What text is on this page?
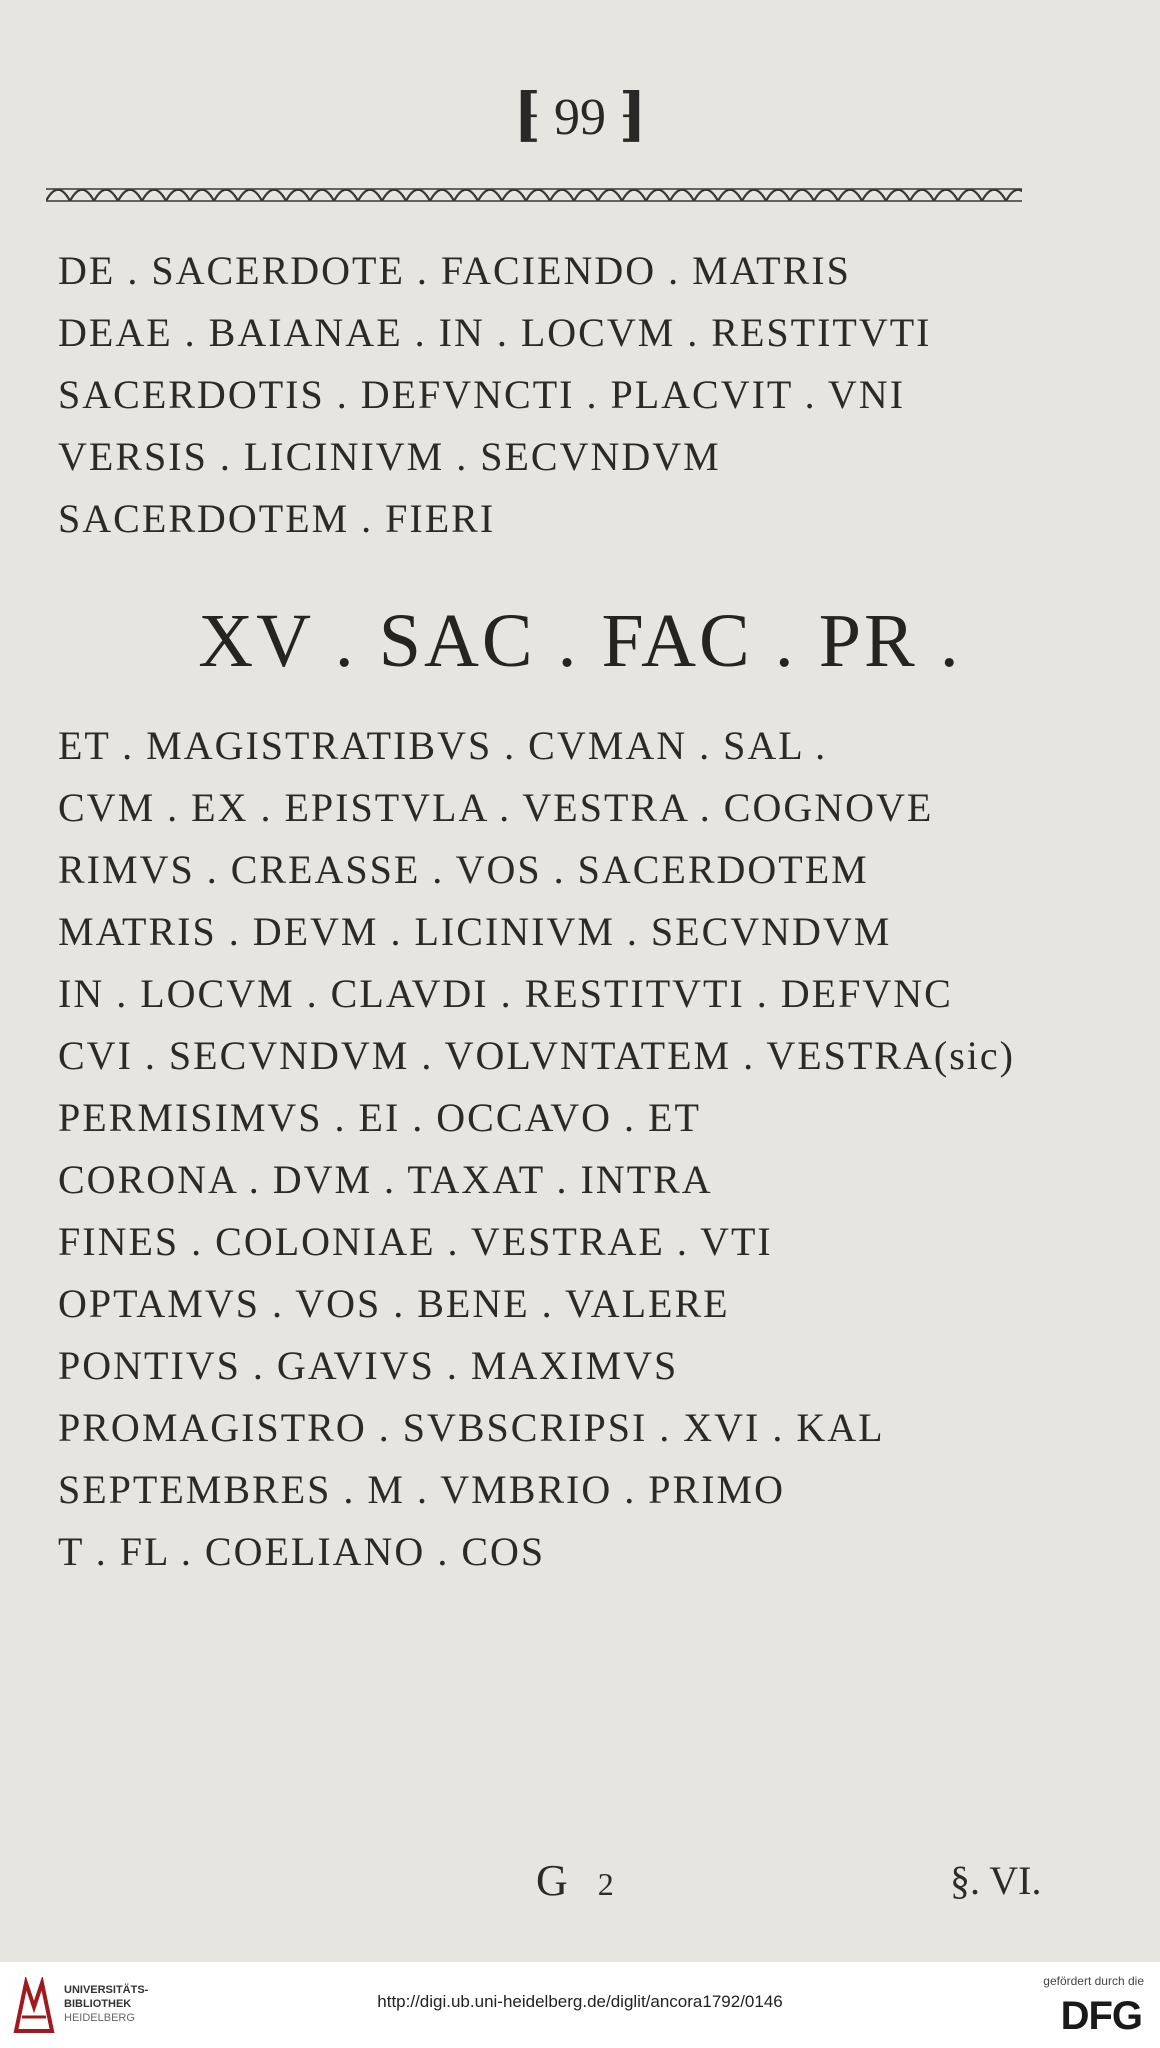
⁅ 99 ⁆
DE . SACERDOTE . FACIENDO . MATRIS
DEAE . BAIANAE . IN . LOCVM . RESTITVTI
SACERDOTIS . DEFVNCTI . PLACVIT . VNI
VERSIS . LICINIVM . SECVNDVM
SACERDOTEM . FIERI
XV . SAC . FAC . PR .
ET . MAGISTRATIBVS . CVMAN . SAL .
CVM . EX . EPISTVLA . VESTRA . COGNOVE
RIMVS . CREASSE . VOS . SACERDOTEM
MATRIS . DEVM . LICINIVM . SECVNDVM
IN . LOCVM . CLAVDI . RESTITVTI . DEFVNC
CVI . SECVNDVM . VOLVNTATEM . VESTRA(sic)
PERMISIMVS . EI . OCCAVO . ET
CORONA . DVM . TAXAT . INTRA
FINES . COLONIAE . VESTRAE . VTI
OPTAMVS . VOS . BENE . VALERE
PONTIVS . GAVIVS . MAXIMVS
PROMAGISTRO . SVBSCRIPSI . XVI . KAL
SEPTEMBRES . M . VMBRIO . PRIMO
T . FL . COELIANO . COS
G 2	§. VI.
UNIVERSITÄTS-
BIBLIOTHEK
HEIDELBERG
http://digi.ub.uni-heidelberg.de/diglit/ancora1792/0146
gefördert durch die
DFG
